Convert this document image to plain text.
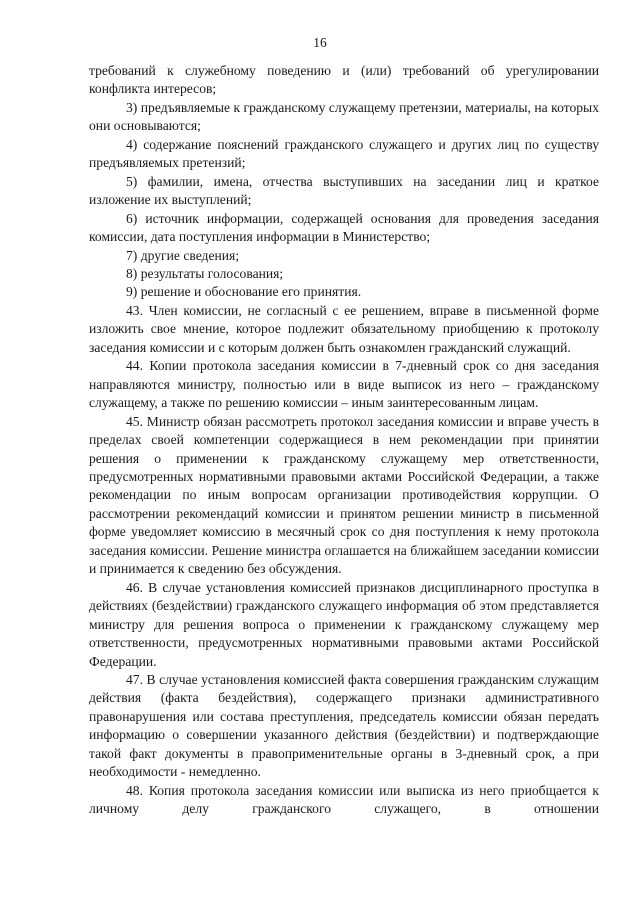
16

требований к служебному поведению и (или) требований об урегулировании конфликта интересов;

3) предъявляемые к гражданскому служащему претензии, материалы, на которых они основываются;

4) содержание пояснений гражданского служащего и других лиц по существу предъявляемых претензий;

5) фамилии, имена, отчества выступивших на заседании лиц и краткое изложение их выступлений;

6) источник информации, содержащей основания для проведения заседания комиссии, дата поступления информации в Министерство;

7) другие сведения;

8) результаты голосования;

9) решение и обоснование его принятия.

43. Член комиссии, не согласный с ее решением, вправе в письменной форме изложить свое мнение, которое подлежит обязательному приобщению к протоколу заседания комиссии и с которым должен быть ознакомлен гражданский служащий.

44. Копии протокола заседания комиссии в 7-дневный срок со дня заседания направляются министру, полностью или в виде выписок из него – гражданскому служащему, а также по решению комиссии – иным заинтересованным лицам.

45. Министр обязан рассмотреть протокол заседания комиссии и вправе учесть в пределах своей компетенции содержащиеся в нем рекомендации при принятии решения о применении к гражданскому служащему мер ответственности, предусмотренных нормативными правовыми актами Российской Федерации, а также рекомендации по иным вопросам организации противодействия коррупции. О рассмотрении рекомендаций комиссии и принятом решении министр в письменной форме уведомляет комиссию в месячный срок со дня поступления к нему протокола заседания комиссии. Решение министра оглашается на ближайшем заседании комиссии и принимается к сведению без обсуждения.

46. В случае установления комиссией признаков дисциплинарного проступка в действиях (бездействии) гражданского служащего информация об этом представляется министру для решения вопроса о применении к гражданскому служащему мер ответственности, предусмотренных нормативными правовыми актами Российской Федерации.

47. В случае установления комиссией факта совершения гражданским служащим действия (факта бездействия), содержащего признаки административного правонарушения или состава преступления, председатель комиссии обязан передать информацию о совершении указанного действия (бездействии) и подтверждающие такой факт документы в правоприменительные органы в 3-дневный срок, а при необходимости - немедленно.

48. Копия протокола заседания комиссии или выписка из него приобщается к личному делу гражданского служащего, в отношении
